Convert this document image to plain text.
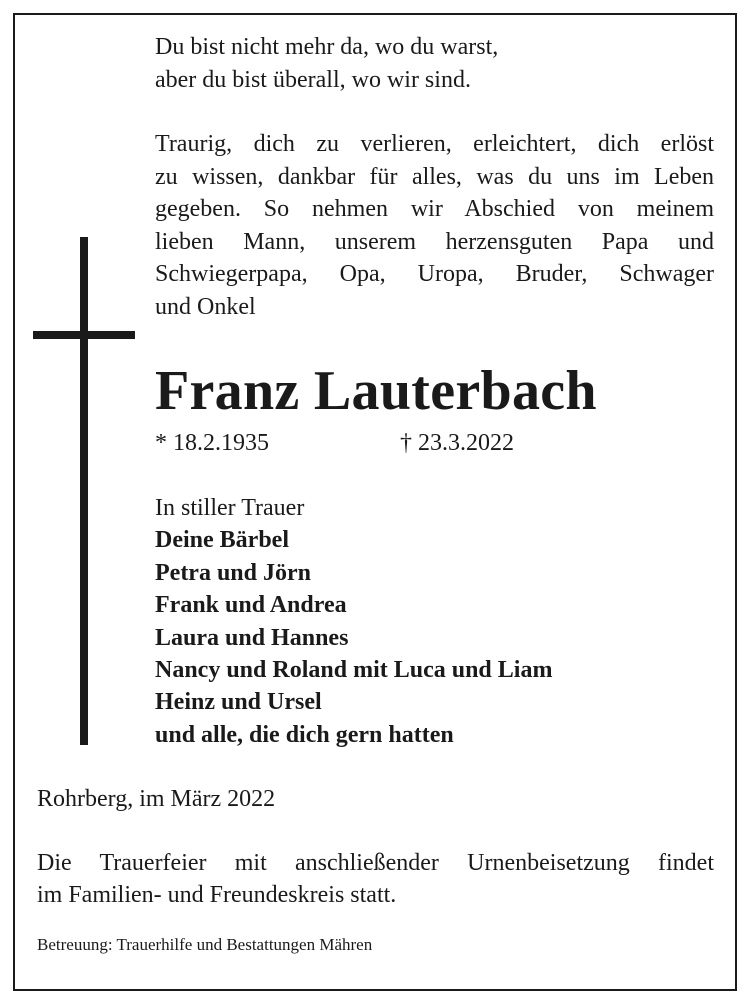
Du bist nicht mehr da, wo du warst,
aber du bist überall, wo wir sind.
Traurig, dich zu verlieren, erleichtert, dich erlöst
zu wissen, dankbar für alles, was du uns im Leben
gegeben. So nehmen wir Abschied von meinem
lieben Mann, unserem herzensguten Papa und
Schwiegerpapa, Opa, Uropa, Bruder, Schwager
und Onkel
Franz Lauterbach
* 18.2.1935	† 23.3.2022
In stiller Trauer
Deine Bärbel
Petra und Jörn
Frank und Andrea
Laura und Hannes
Nancy und Roland mit Luca und Liam
Heinz und Ursel
und alle, die dich gern hatten
Rohrberg, im März 2022
Die Trauerfeier mit anschließender Urnenbeisetzung findet
im Familien- und Freundeskreis statt.
Betreuung: Trauerhilfe und Bestattungen Mähren
